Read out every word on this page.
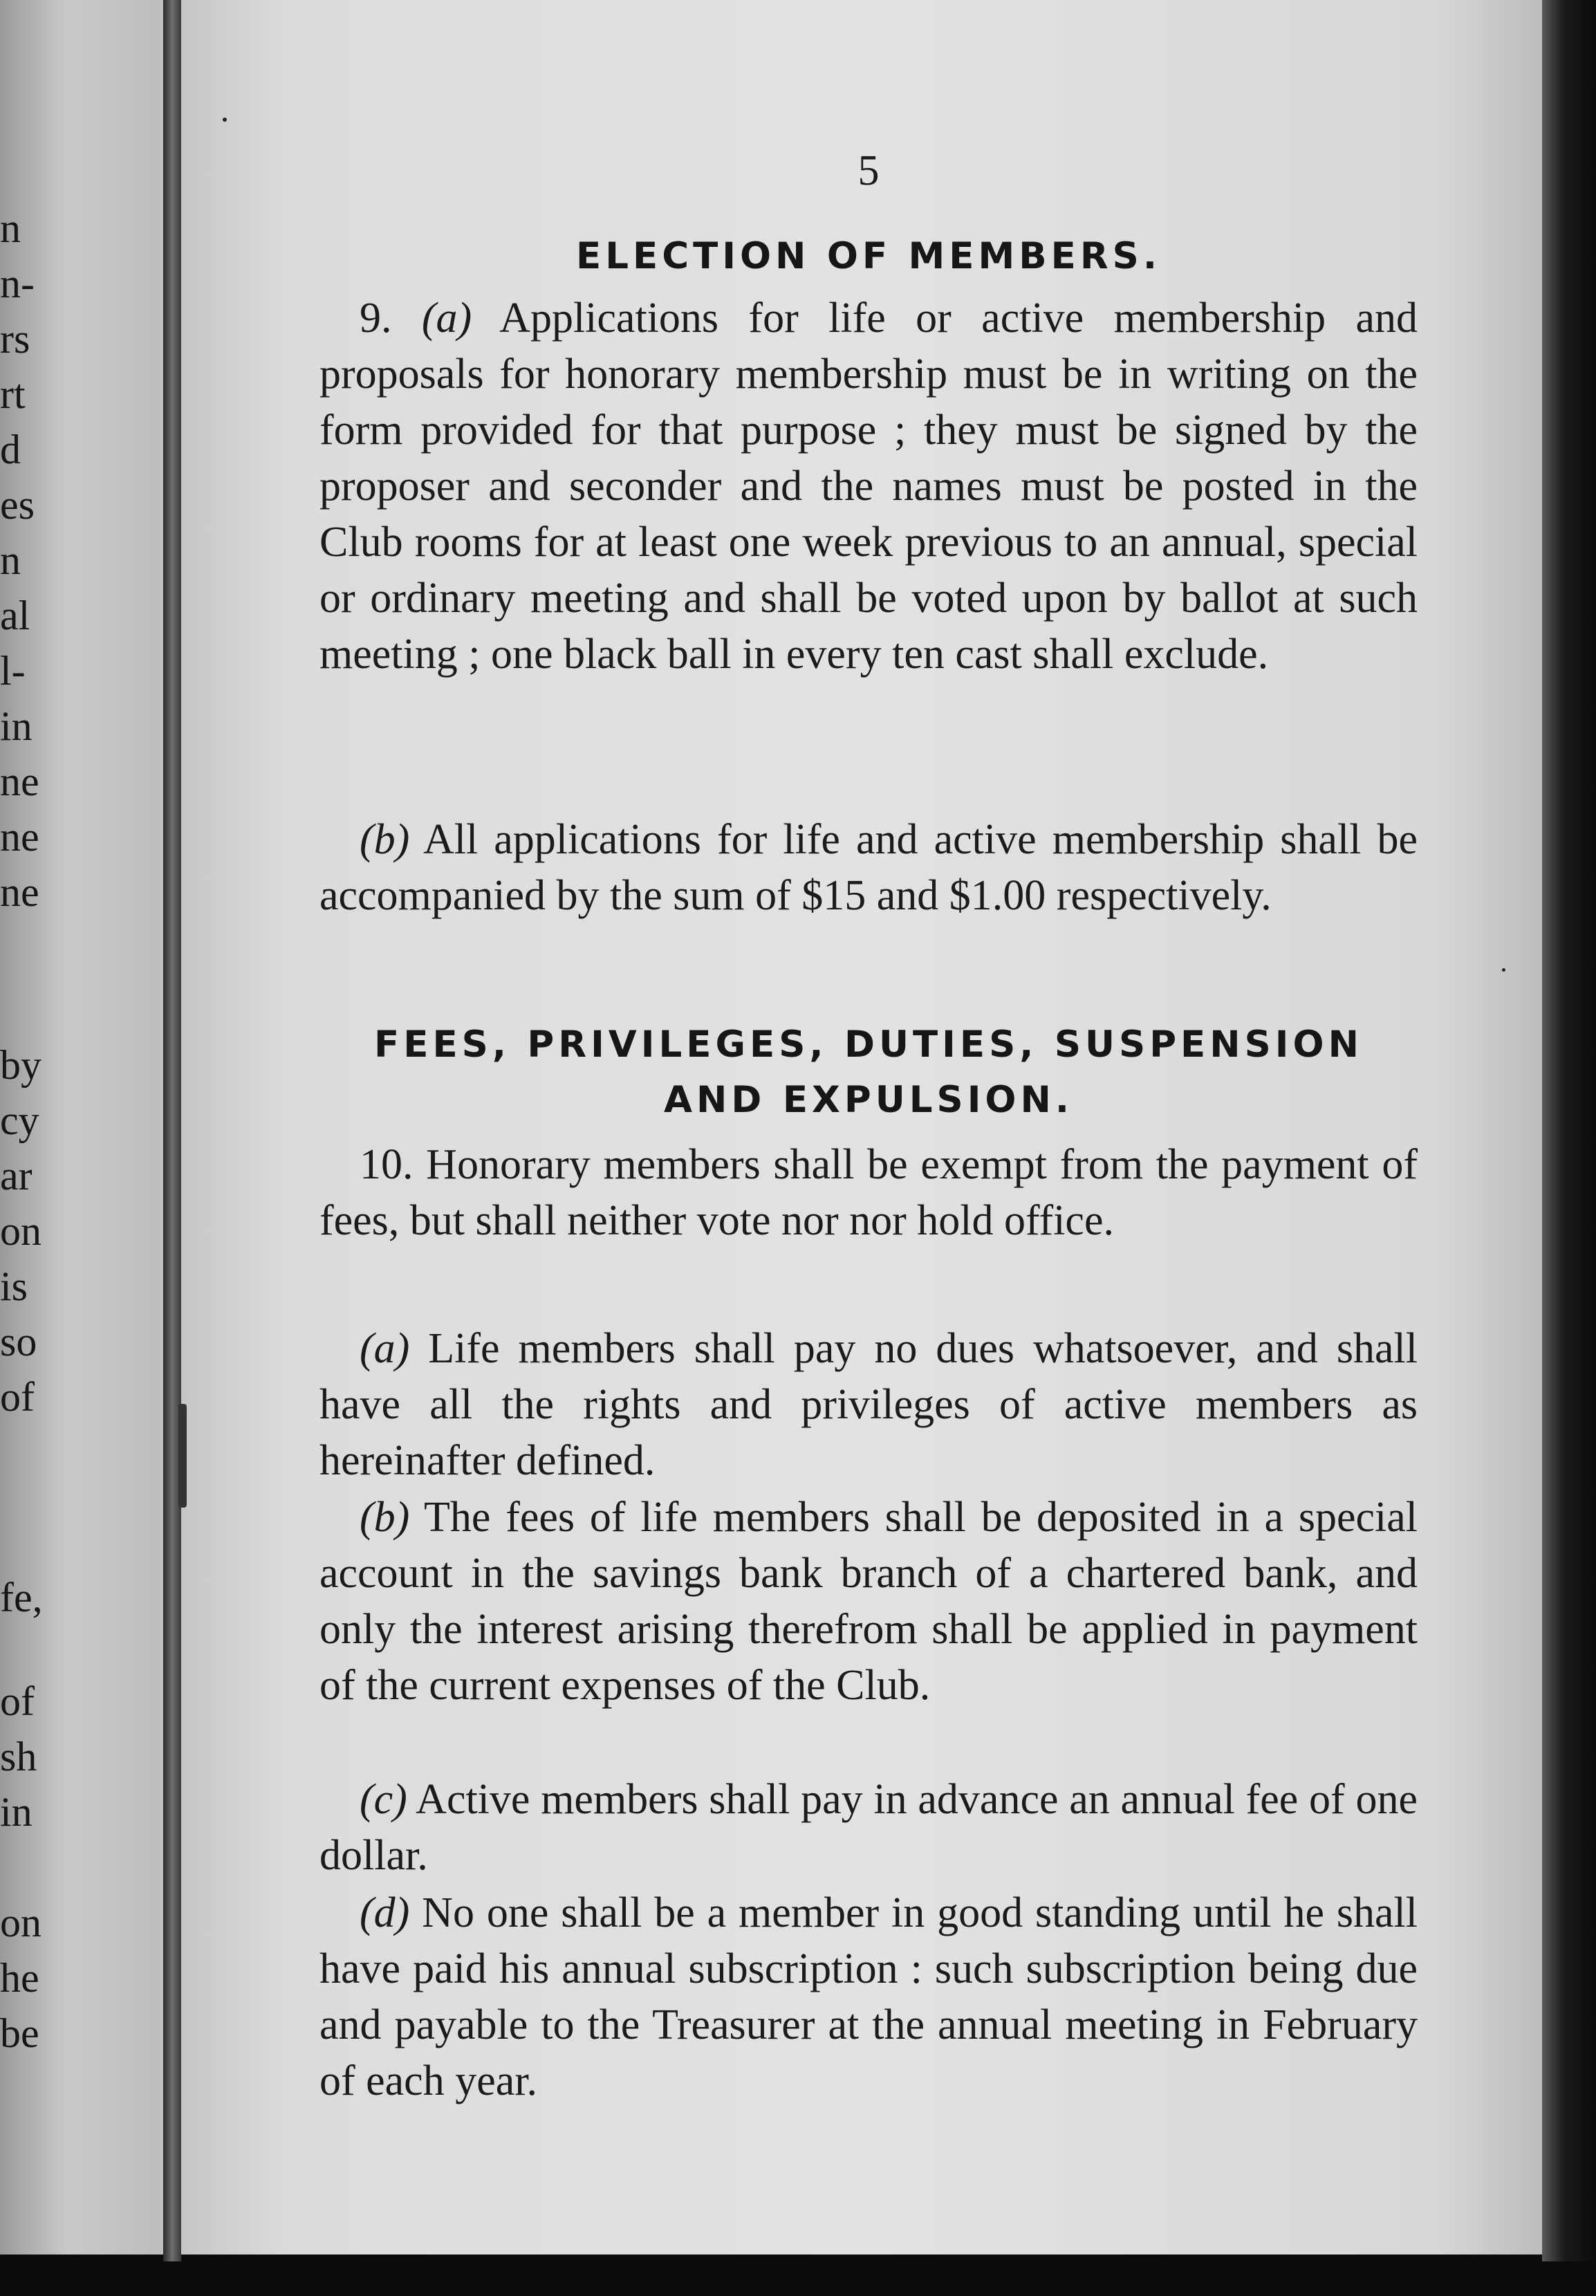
n
n-
rs
rt
d
es
n
al
l-
in
ne
ne
ne
by
cy
ar
on
is
so
of
fe,
of
sh
in
on
he
be
5
ELECTION OF MEMBERS.

9. (a) Applications for life or active membership and proposals for honorary membership must be in writing on the form provided for that purpose ; they must be signed by the proposer and seconder and the names must be posted in the Club rooms for at least one week previous to an annual, special or ordinary meeting and shall be voted upon by ballot at such meeting ; one black ball in every ten cast shall exclude.

(b) All applications for life and active membership shall be accompanied by the sum of $15 and $1.00 respectively.

FEES, PRIVILEGES, DUTIES, SUSPENSION
AND EXPULSION.

10. Honorary members shall be exempt from the payment of fees, but shall neither vote nor nor hold office.

(a) Life members shall pay no dues whatsoever, and shall have all the rights and privileges of active members as hereinafter defined.

(b) The fees of life members shall be deposited in a special account in the savings bank branch of a chartered bank, and only the interest arising therefrom shall be applied in payment of the current expenses of the Club.

(c) Active members shall pay in advance an annual fee of one dollar.

(d) No one shall be a member in good standing until he shall have paid his annual subscription : such subscription being due and payable to the Treasurer at the annual meeting in February of each year.
